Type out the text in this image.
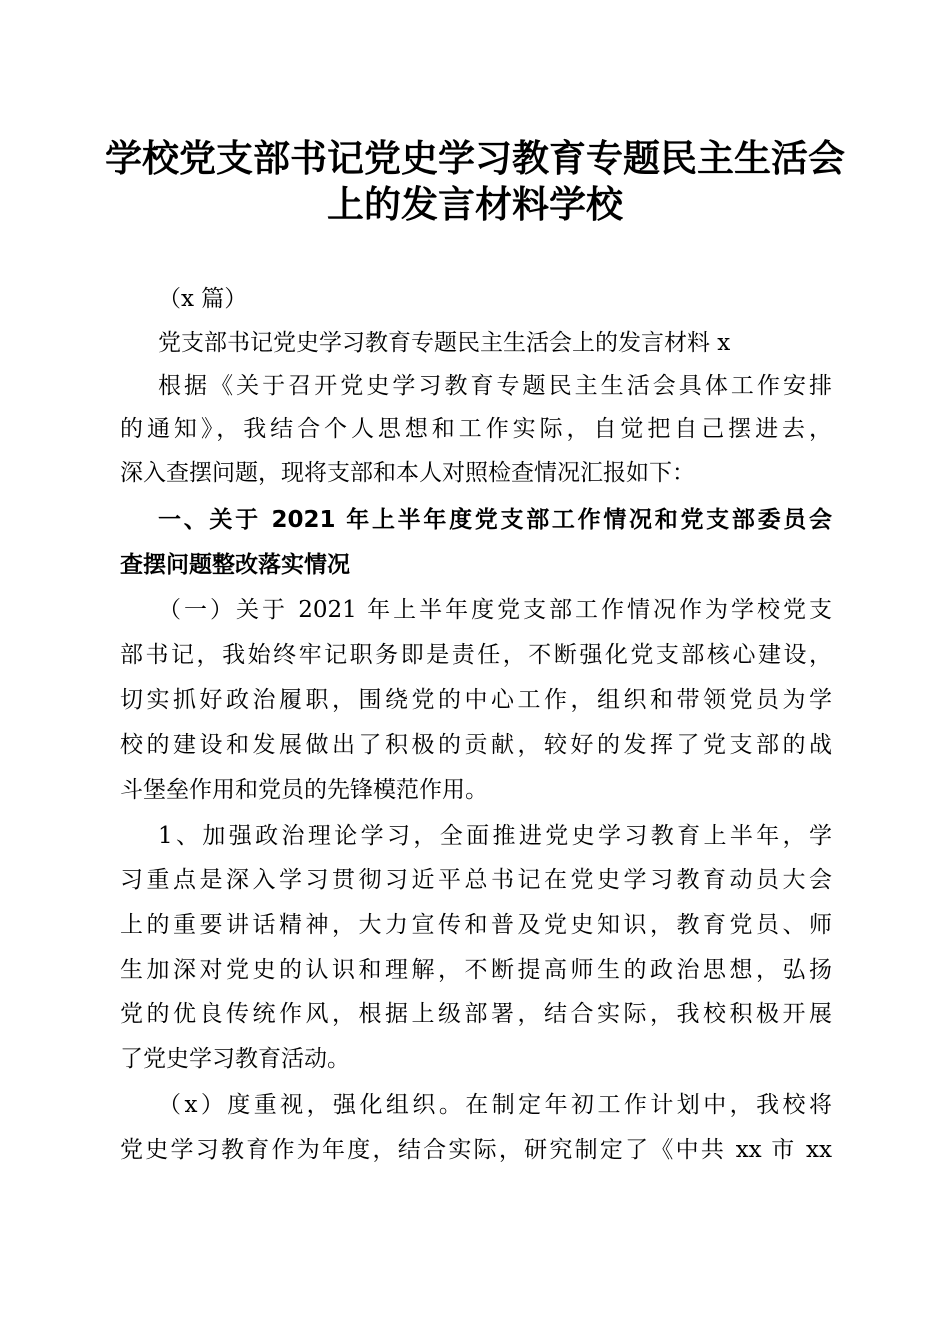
学校党支部书记党史学习教育专题民主生活会
上的发言材料学校
（x 篇）
党支部书记党史学习教育专题民主生活会上的发言材料 x
根据《关于召开党史学习教育专题民主生活会具体工作安排
的通知》，我结合个人思想和工作实际，自觉把自己摆进去，
深入查摆问题，现将支部和本人对照检查情况汇报如下：
一、关于 2021 年上半年度党支部工作情况和党支部委员会
查摆问题整改落实情况
（一）关于 2021 年上半年度党支部工作情况作为学校党支
部书记，我始终牢记职务即是责任，不断强化党支部核心建设，
切实抓好政治履职，围绕党的中心工作，组织和带领党员为学
校的建设和发展做出了积极的贡献，较好的发挥了党支部的战
斗堡垒作用和党员的先锋模范作用。
1、加强政治理论学习，全面推进党史学习教育上半年，学
习重点是深入学习贯彻习近平总书记在党史学习教育动员大会
上的重要讲话精神，大力宣传和普及党史知识，教育党员、师
生加深对党史的认识和理解，不断提高师生的政治思想，弘扬
党的优良传统作风，根据上级部署，结合实际，我校积极开展
了党史学习教育活动。
（x）度重视，强化组织。在制定年初工作计划中，我校将
党史学习教育作为年度，结合实际，研究制定了《中共 xx 市 xx
